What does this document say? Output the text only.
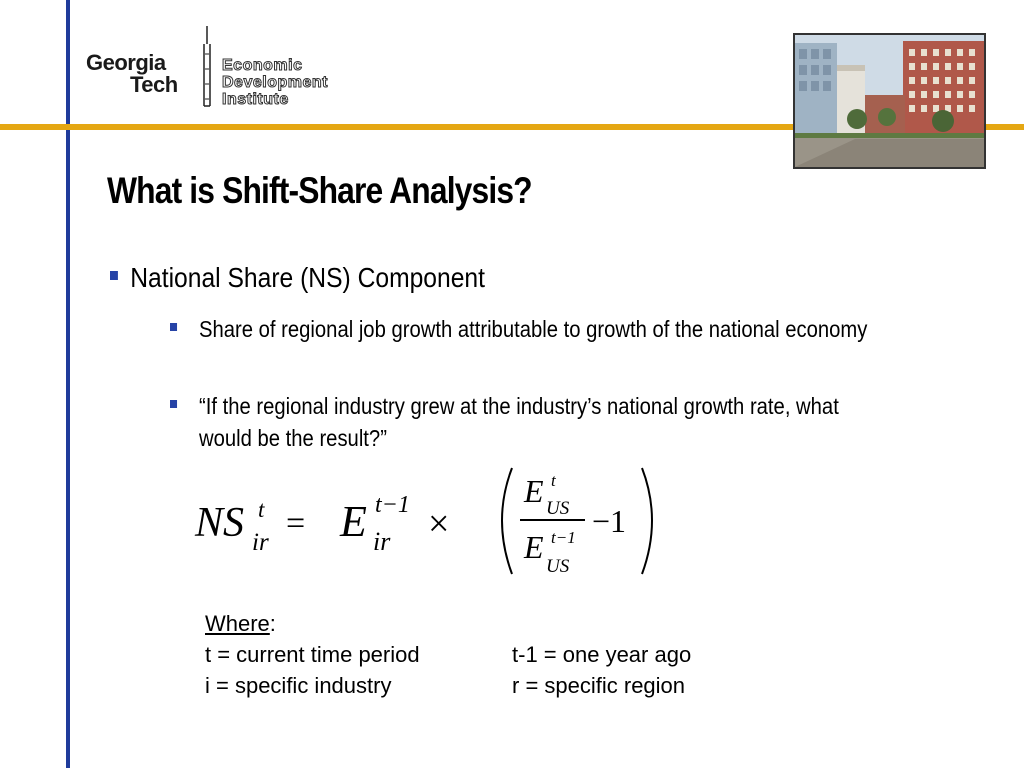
Georgia
Tech
Economic
Development
Institute
What is Shift-Share Analysis?
National Share (NS) Component
Share of regional job growth attributable to growth of the national economy
“If the regional industry grew at the industry’s national growth rate, what would be the result?”
NS t
ir
= E t−1
ir ×
E t
US
E t−1
US
−1
Where:
t = current time period	t-1 = one year ago
i = specific industry	r = specific region
